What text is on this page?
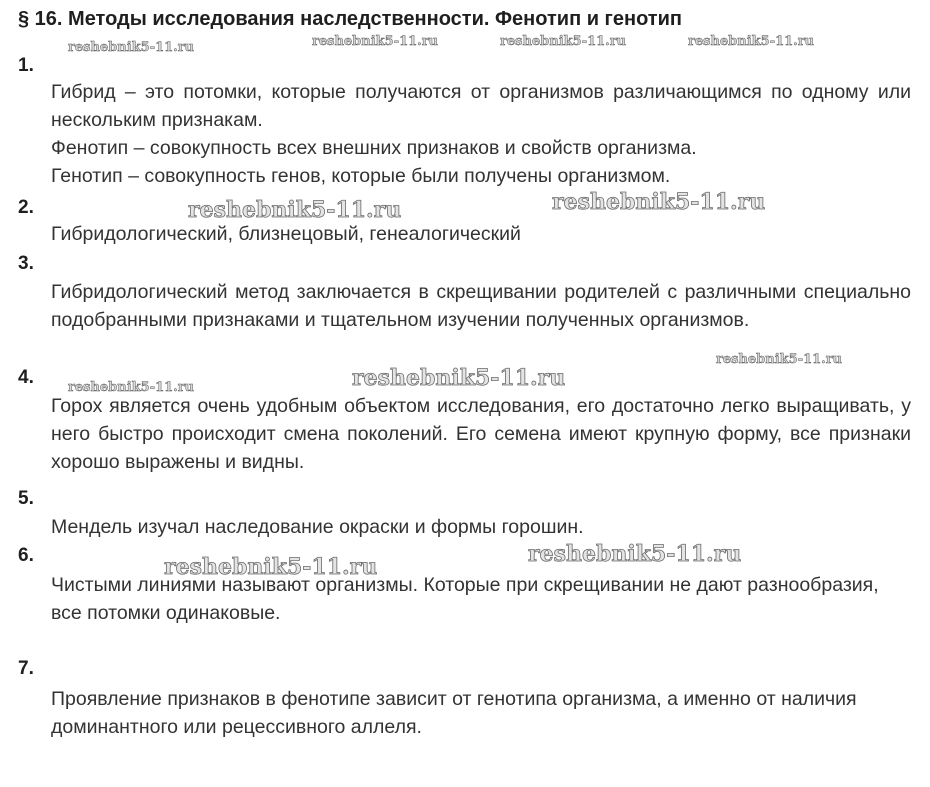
§ 16. Методы исследования наследственности. Фенотип и генотип
1.

Гибрид – это потомки, которые получаются от организмов различающимся по одному или нескольким признакам.

Фенотип – совокупность всех внешних признаков и свойств организма.

Генотип – совокупность генов, которые были получены организмом.

2.

Гибридологический, близнецовый, генеалогический

3.

Гибридологический метод заключается в скрещивании родителей с различными специально подобранными признаками и тщательном изучении полученных организмов.

4.

Горох является очень удобным объектом исследования, его достаточно легко выращивать, у него быстро происходит смена поколений. Его семена имеют крупную форму, все признаки хорошо выражены и видны.

5.

Мендель изучал наследование окраски и формы горошин.

6.

Чистыми линиями называют организмы. Которые при скрещивании не дают разнообразия, все потомки одинаковые.

7.

Проявление признаков в фенотипе зависит от генотипа организма, а именно от наличия доминантного или рецессивного аллеля.

reshebnik5-11.ru	reshebnik5-11.ru	reshebnik5-11.ru	reshebnik5-11.ru
reshebnik5-11.ru	reshebnik5-11.ru
reshebnik5-11.ru
reshebnik5-11.ru
reshebnik5-11.ru
reshebnik5-11.ru	reshebnik5-11.ru
